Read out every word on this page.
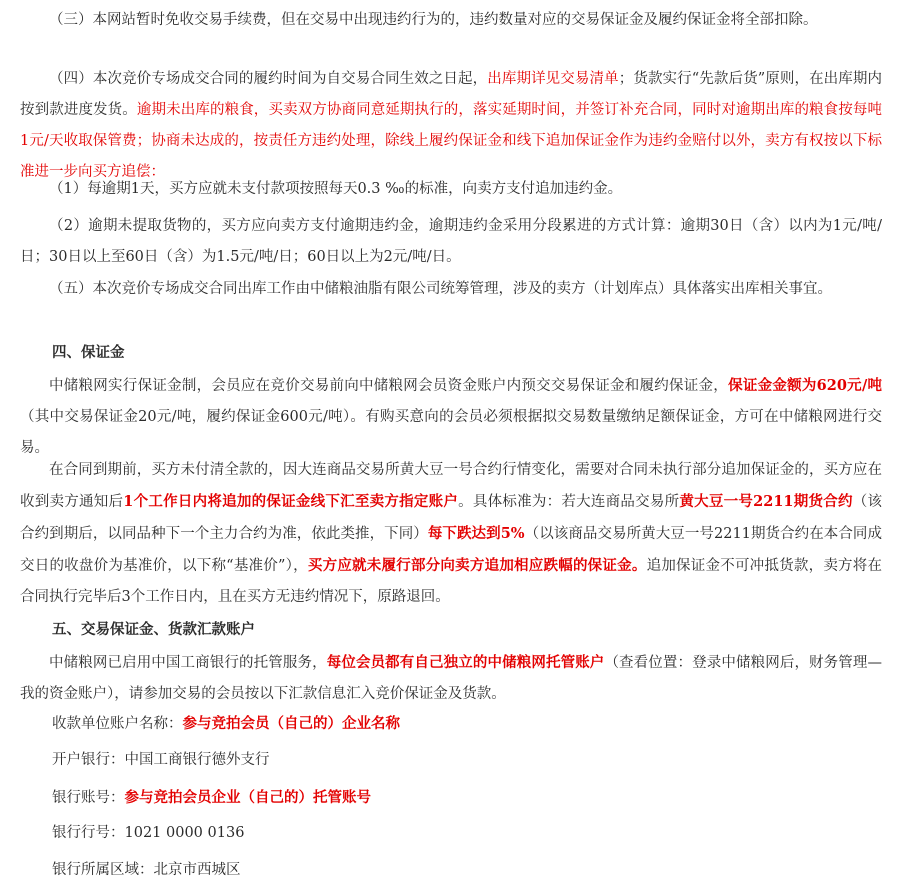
（三）本网站暂时免收交易手续费，但在交易中出现违约行为的，违约数量对应的交易保证金及履约保证金将全部扣除。

（四）本次竞价专场成交合同的履约时间为自交易合同生效之日起，出库期详见交易清单；货款实行“先款后货”原则，在出库期内按到款进度发货。逾期未出库的粮食，买卖双方协商同意延期执行的，落实延期时间，并签订补充合同，同时对逾期出库的粮食按每吨1元/天收取保管费；协商未达成的，按责任方违约处理，除线上履约保证金和线下追加保证金作为违约金赔付以外，卖方有权按以下标准进一步向买方追偿：

（1）每逾期1天，买方应就未支付款项按照每天0.3 ‰的标准，向卖方支付追加违约金。

（2）逾期未提取货物的，买方应向卖方支付逾期违约金，逾期违约金采用分段累进的方式计算：逾期30日（含）以内为1元/吨/日；30日以上至60日（含）为1.5元/吨/日；60日以上为2元/吨/日。

（五）本次竞价专场成交合同出库工作由中储粮油脂有限公司统筹管理，涉及的卖方（计划库点）具体落实出库相关事宜。

四、保证金

中储粮网实行保证金制，会员应在竞价交易前向中储粮网会员资金账户内预交交易保证金和履约保证金，保证金金额为620元/吨（其中交易保证金20元/吨，履约保证金600元/吨）。有购买意向的会员必须根据拟交易数量缴纳足额保证金，方可在中储粮网进行交易。

在合同到期前，买方未付清全款的，因大连商品交易所黄大豆一号合约行情变化，需要对合同未执行部分追加保证金的，买方应在收到卖方通知后1个工作日内将追加的保证金线下汇至卖方指定账户。具体标准为：若大连商品交易所黄大豆一号2211期货合约（该合约到期后，以同品种下一个主力合约为准，依此类推，下同）每下跌达到5%（以该商品交易所黄大豆一号2211期货合约在本合同成交日的收盘价为基准价，以下称“基准价”），买方应就未履行部分向卖方追加相应跌幅的保证金。追加保证金不可冲抵货款，卖方将在合同执行完毕后3个工作日内，且在买方无违约情况下，原路退回。

五、交易保证金、货款汇款账户

中储粮网已启用中国工商银行的托管服务，每位会员都有自己独立的中储粮网托管账户（查看位置：登录中储粮网后，财务管理—我的资金账户），请参加交易的会员按以下汇款信息汇入竞价保证金及货款。

收款单位账户名称：参与竞拍会员（自己的）企业名称

开户银行：中国工商银行德外支行

银行账号：参与竞拍会员企业（自己的）托管账号

银行行号：1021 0000 0136

银行所属区域：北京市西城区
